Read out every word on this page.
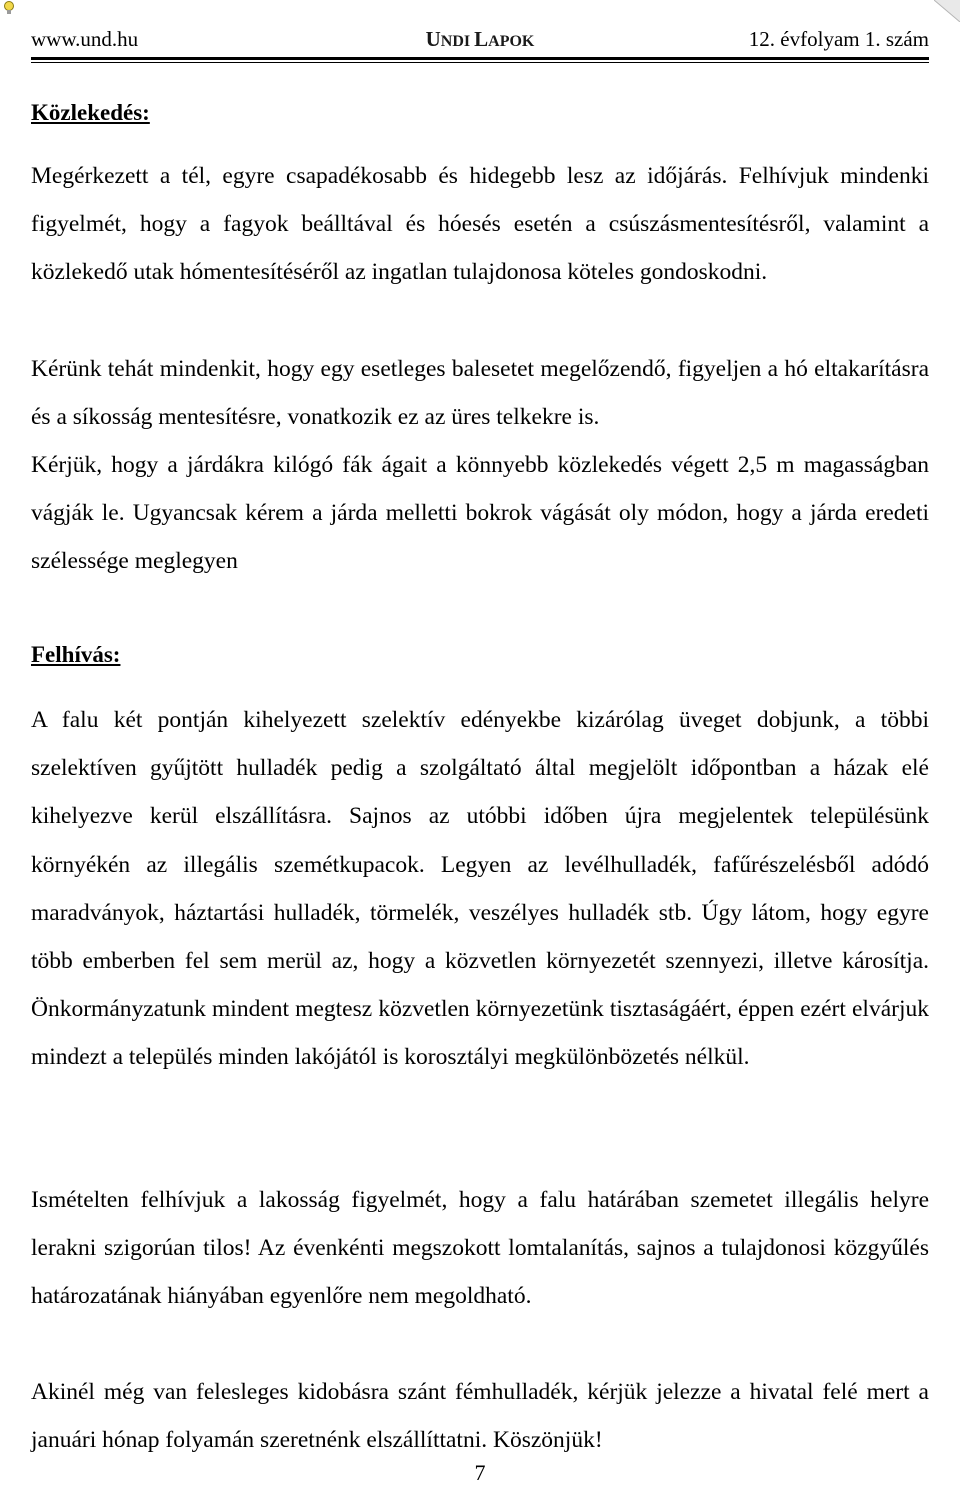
www.und.hu	UNDI LAPOK	12. évfolyam 1. szám
Közlekedés:
Megérkezett a tél, egyre csapadékosabb és hidegebb lesz az időjárás. Felhívjuk mindenki figyelmét, hogy a fagyok beálltával és hóesés esetén a csúszásmentesítésről, valamint a közlekedő utak hómentesítéséről az ingatlan tulajdonosa köteles gondoskodni.
Kérünk tehát mindenkit, hogy egy esetleges balesetet megelőzendő, figyeljen a hó eltakarításra és a síkosság mentesítésre, vonatkozik ez az üres telkekre is.
Kérjük, hogy a járdákra kilógó fák ágait a könnyebb közlekedés végett 2,5 m magasságban vágják le. Ugyancsak kérem a járda melletti bokrok vágását oly módon, hogy a járda eredeti szélessége meglegyen
Felhívás:
A falu két pontján kihelyezett szelektív edényekbe kizárólag üveget dobjunk, a többi szelektíven gyűjtött hulladék pedig a szolgáltató által megjelölt időpontban a házak elé kihelyezve kerül elszállításra. Sajnos az utóbbi időben újra megjelentek településünk környékén az illegális szemétkupacok. Legyen az levélhulladék, fafűrészelésből adódó maradványok, háztartási hulladék, törmelék, veszélyes hulladék stb. Úgy látom, hogy egyre több emberben fel sem merül az, hogy a közvetlen környezetét szennyezi, illetve károsítja. Önkormányzatunk mindent megtesz közvetlen környezetünk tisztaságáért, éppen ezért elvárjuk mindezt a település minden lakójától is korosztályi megkülönbözetés nélkül.
Ismételten felhívjuk a lakosság figyelmét, hogy a falu határában szemetet illegális helyre lerakni szigorúan tilos! Az évenkénti megszokott lomtalanítás, sajnos a tulajdonosi közgyűlés határozatának hiányában egyenlőre nem megoldható.
Akinél még van felesleges kidobásra szánt fémhulladék, kérjük jelezze a hivatal felé mert a januári hónap folyamán szeretnénk elszállíttatni. Köszönjük!
7
